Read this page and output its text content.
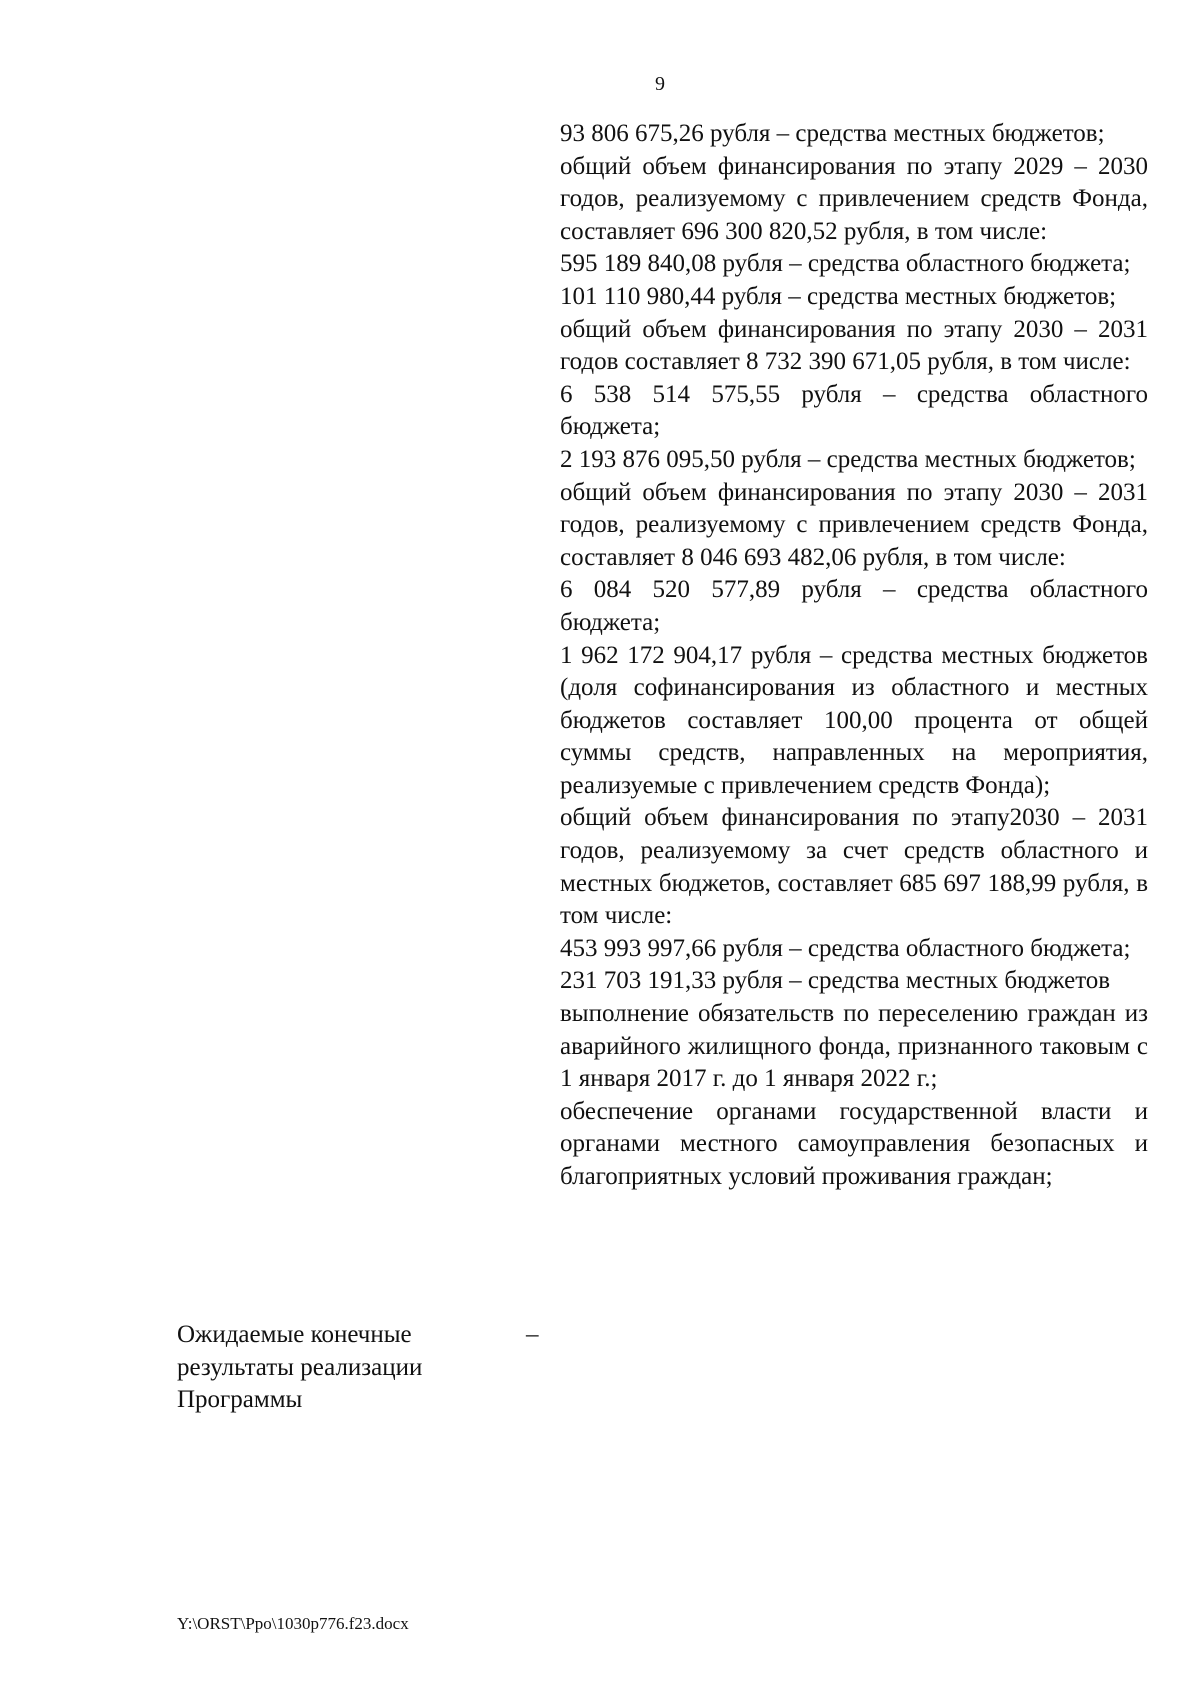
9

93 806 675,26 рубля – средства местных бюджетов;

общий объем финансирования по этапу 2029 – 2030 годов, реализуемому с привлечением средств Фонда, составляет 696 300 820,52 рубля, в том числе:

595 189 840,08 рубля – средства областного бюджета;

101 110 980,44 рубля – средства местных бюджетов;

общий объем финансирования по этапу 2030 – 2031 годов составляет 8 732 390 671,05 рубля, в том числе:

6 538 514 575,55 рубля – средства областного бюджета;

2 193 876 095,50 рубля – средства местных бюджетов;

общий объем финансирования по этапу 2030 – 2031 годов, реализуемому с привлечением средств Фонда, составляет 8 046 693 482,06 рубля, в том числе:

6 084 520 577,89 рубля – средства областного бюджета;

1 962 172 904,17 рубля – средства местных бюджетов (доля софинансирования из областного и местных бюджетов составляет 100,00 процента от общей суммы средств, направленных на мероприятия, реализуемые с привлечением средств Фонда);

общий объем финансирования по этапу2030 – 2031 годов, реализуемому за счет средств областного и местных бюджетов, составляет 685 697 188,99 рубля, в том числе:

453 993 997,66 рубля – средства областного бюджета;

231 703 191,33 рубля – средства местных бюджетов

выполнение обязательств по переселению граждан из аварийного жилищного фонда, признанного таковым с 1 января 2017 г. до 1 января 2022 г.;

обеспечение органами государственной власти и органами местного самоуправления безопасных и благоприятных условий проживания граждан;

Ожидаемые конечные результаты реализации Программы
–
Y:\ORST\Ppo\1030p776.f23.docx
